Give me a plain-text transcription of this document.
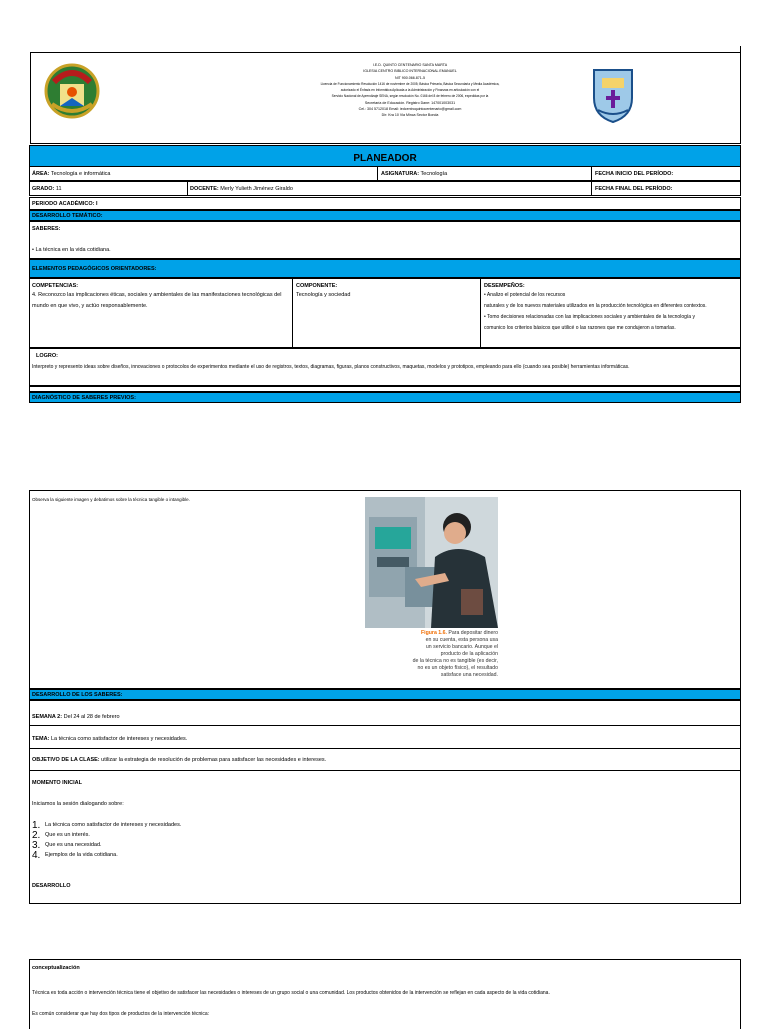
I.E.D. QUINTO CENTENARIO SANTA MARTA
IGLESIA CENTRO BIBLICO INTERNACIONAL EMANUEL
NIT 900.066.871-5
Licencia de Funcionamiento Resolución 1416 de noviembre de 2005; Básica Primaria, Básica Secundaria y Media Académica,
autorizado el Énfasis en Informática Aplicada a la Administración y Finanzas en articulación con el
Servicio Nacional de Aprendizaje SENA, según resolución No. 0166 del 8 de febrero de 2006, expedidas por la
Secretaría de Educación. Registro Dane: 147001003031
Cel.: 304 5712018 Email: iedcentroquintocentenario@gmail.com
Dir: Kra 10 Via Minca Sector Bonda
PLANEADOR
ÁREA: Tecnología e informática	ASIGNATURA: Tecnología	FECHA INICIO DEL PERÍODO:
GRADO: 11	DOCENTE: Merly Yulieth Jiménez Giraldo	FECHA FINAL DEL PERÍODO:
PERIODO ACADÉMICO: I
DESARROLLO TEMÁTICO:
SABERES:
• La técnica en la vida cotidiana.
ELEMENTOS PEDAGÓGICOS ORIENTADORES:
COMPETENCIAS:
4. Reconozco las implicaciones éticas, sociales y ambientales de las manifestaciones tecnológicas del mundo en que vivo, y actúo responsablemente.
COMPONENTE:
Tecnología y sociedad
DESEMPEÑOS:
• Analizo el potencial de los recursos
naturales y de los nuevos materiales utilizados en la producción tecnológica en diferentes contextos.
• Tomo decisiones relacionadas con las implicaciones sociales y ambientales de la tecnología y
comunico los criterios básicos que utilicé o las razones que me condujeron a tomarlas.
LOGRO:
Interpreto y represento ideas sobre diseños, innovaciones o protocolos de experimentos mediante el uso de registros, textos, diagramas, figuras, planos constructivos, maquetas, modelos y prototipos, empleando para ello (cuando sea posible) herramientas informáticas.
DIAGNÓSTICO DE SABERES PREVIOS:
Observa la siguiente imagen y debatimos sobre la técnica tangible o intangible.
Figura 1.6. Para depositar dinero
en su cuenta, esta persona usa
un servicio bancario. Aunque el
producto de la aplicación
de la técnica no es tangible (es decir,
no es un objeto físico), el resultado
satisface una necesidad.
DESARROLLO DE LOS SABERES:
SEMANA 2: Del 24 al 28 de febrero
TEMA: La técnica como satisfactor de intereses y necesidades.
OBJETIVO DE LA CLASE: utilizar la estrategia de resolución de problemas para satisfacer las necesidades e intereses.
MOMENTO INICIAL
Iniciamos la sesión dialogando sobre:
1. La técnica como satisfactor de intereses y necesidades.
2. Que es un interés.
3. Que es una necesidad.
4. Ejemplos de la vida cotidiana.
DESARROLLO
conceptualización
Técnica es toda acción o intervención técnica tiene el objetivo de satisfacer las necesidades o intereses de un grupo social o una comunidad. Los productos obtenidos de la intervención se reflejan en cada aspecto de la vida cotidiana.
Es común considerar que hay dos tipos de productos de la intervención técnica:
